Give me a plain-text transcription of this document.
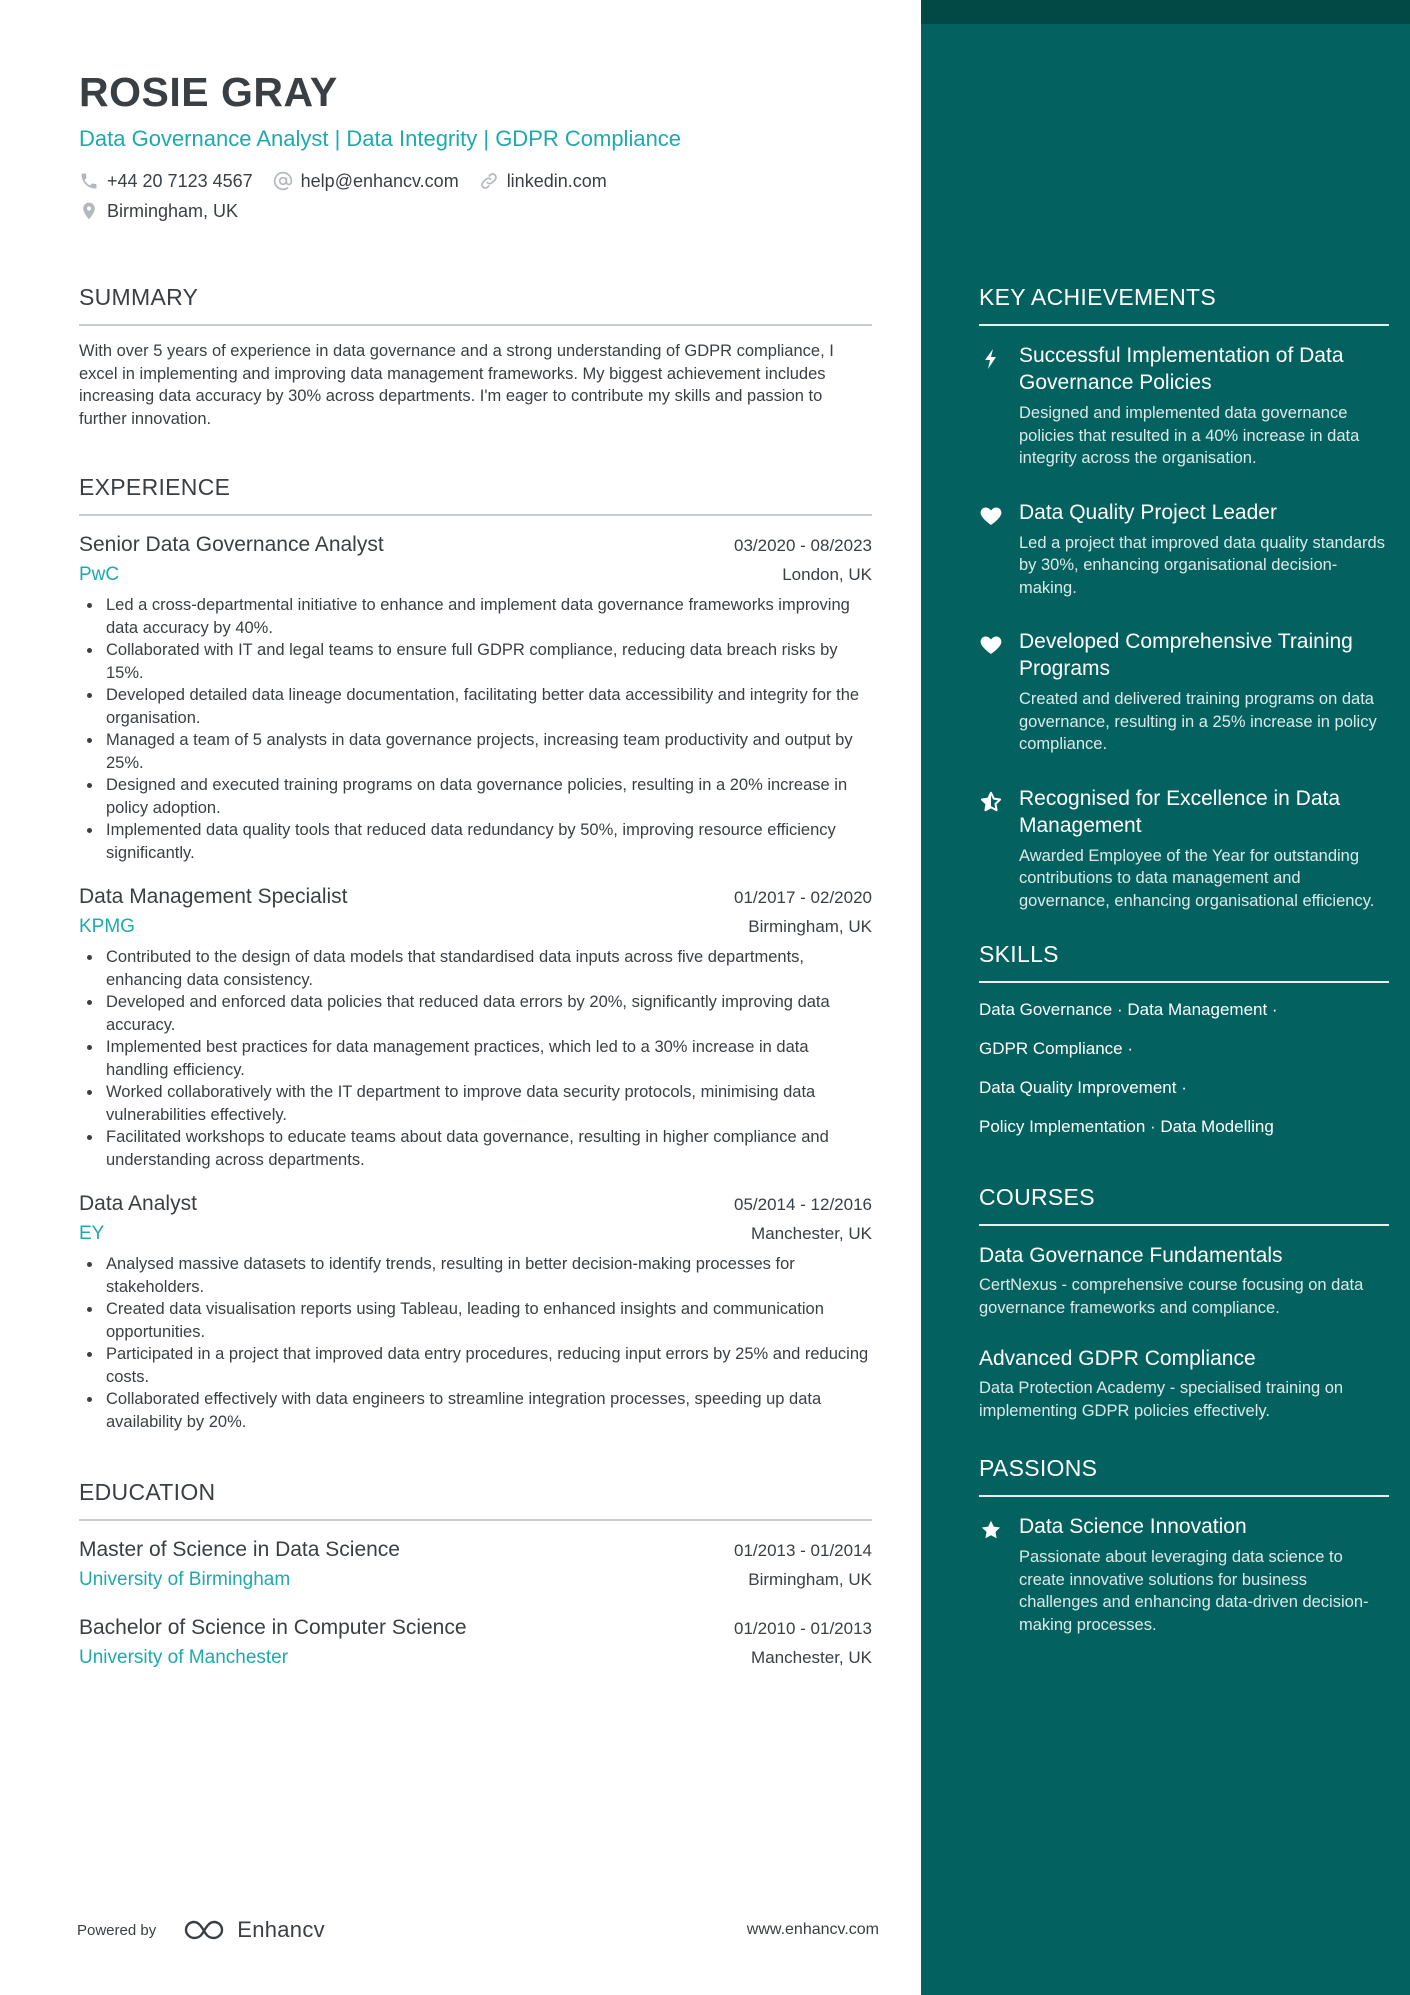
ROSIE GRAY
Data Governance Analyst | Data Integrity | GDPR Compliance
+44 20 7123 4567	help@enhancv.com	linkedin.com
Birmingham, UK
SUMMARY

With over 5 years of experience in data governance and a strong understanding of GDPR compliance, I excel in implementing and improving data management frameworks. My biggest achievement includes increasing data accuracy by 30% across departments. I'm eager to contribute my skills and passion to further innovation.

EXPERIENCE
Senior Data Governance Analyst	03/2020 - 08/2023
PwC	London, UK
Led a cross-departmental initiative to enhance and implement data governance frameworks improving data accuracy by 40%.
Collaborated with IT and legal teams to ensure full GDPR compliance, reducing data breach risks by 15%.
Developed detailed data lineage documentation, facilitating better data accessibility and integrity for the organisation.
Managed a team of 5 analysts in data governance projects, increasing team productivity and output by 25%.
Designed and executed training programs on data governance policies, resulting in a 20% increase in policy adoption.
Implemented data quality tools that reduced data redundancy by 50%, improving resource efficiency significantly.
Data Management Specialist	01/2017 - 02/2020
KPMG	Birmingham, UK
Contributed to the design of data models that standardised data inputs across five departments, enhancing data consistency.
Developed and enforced data policies that reduced data errors by 20%, significantly improving data accuracy.
Implemented best practices for data management practices, which led to a 30% increase in data handling efficiency.
Worked collaboratively with the IT department to improve data security protocols, minimising data vulnerabilities effectively.
Facilitated workshops to educate teams about data governance, resulting in higher compliance and understanding across departments.
Data Analyst	05/2014 - 12/2016
EY	Manchester, UK
Analysed massive datasets to identify trends, resulting in better decision-making processes for stakeholders.
Created data visualisation reports using Tableau, leading to enhanced insights and communication opportunities.
Participated in a project that improved data entry procedures, reducing input errors by 25% and reducing costs.
Collaborated effectively with data engineers to streamline integration processes, speeding up data availability by 20%.
EDUCATION
Master of Science in Data Science	01/2013 - 01/2014
University of Birmingham	Birmingham, UK
Bachelor of Science in Computer Science	01/2010 - 01/2013
University of Manchester	Manchester, UK
KEY ACHIEVEMENTS
Successful Implementation of Data Governance Policies
Designed and implemented data governance policies that resulted in a 40% increase in data integrity across the organisation.
Data Quality Project Leader
Led a project that improved data quality standards by 30%, enhancing organisational decision-making.
Developed Comprehensive Training Programs
Created and delivered training programs on data governance, resulting in a 25% increase in policy compliance.
Recognised for Excellence in Data Management
Awarded Employee of the Year for outstanding contributions to data management and governance, enhancing organisational efficiency.
SKILLS
Data Governance · Data Management ·
GDPR Compliance ·
Data Quality Improvement ·
Policy Implementation · Data Modelling
COURSES
Data Governance Fundamentals
CertNexus - comprehensive course focusing on data governance frameworks and compliance.
Advanced GDPR Compliance
Data Protection Academy - specialised training on implementing GDPR policies effectively.
PASSIONS
Data Science Innovation
Passionate about leveraging data science to create innovative solutions for business challenges and enhancing data-driven decision-making processes.
Powered by	Enhancv	www.enhancv.com
